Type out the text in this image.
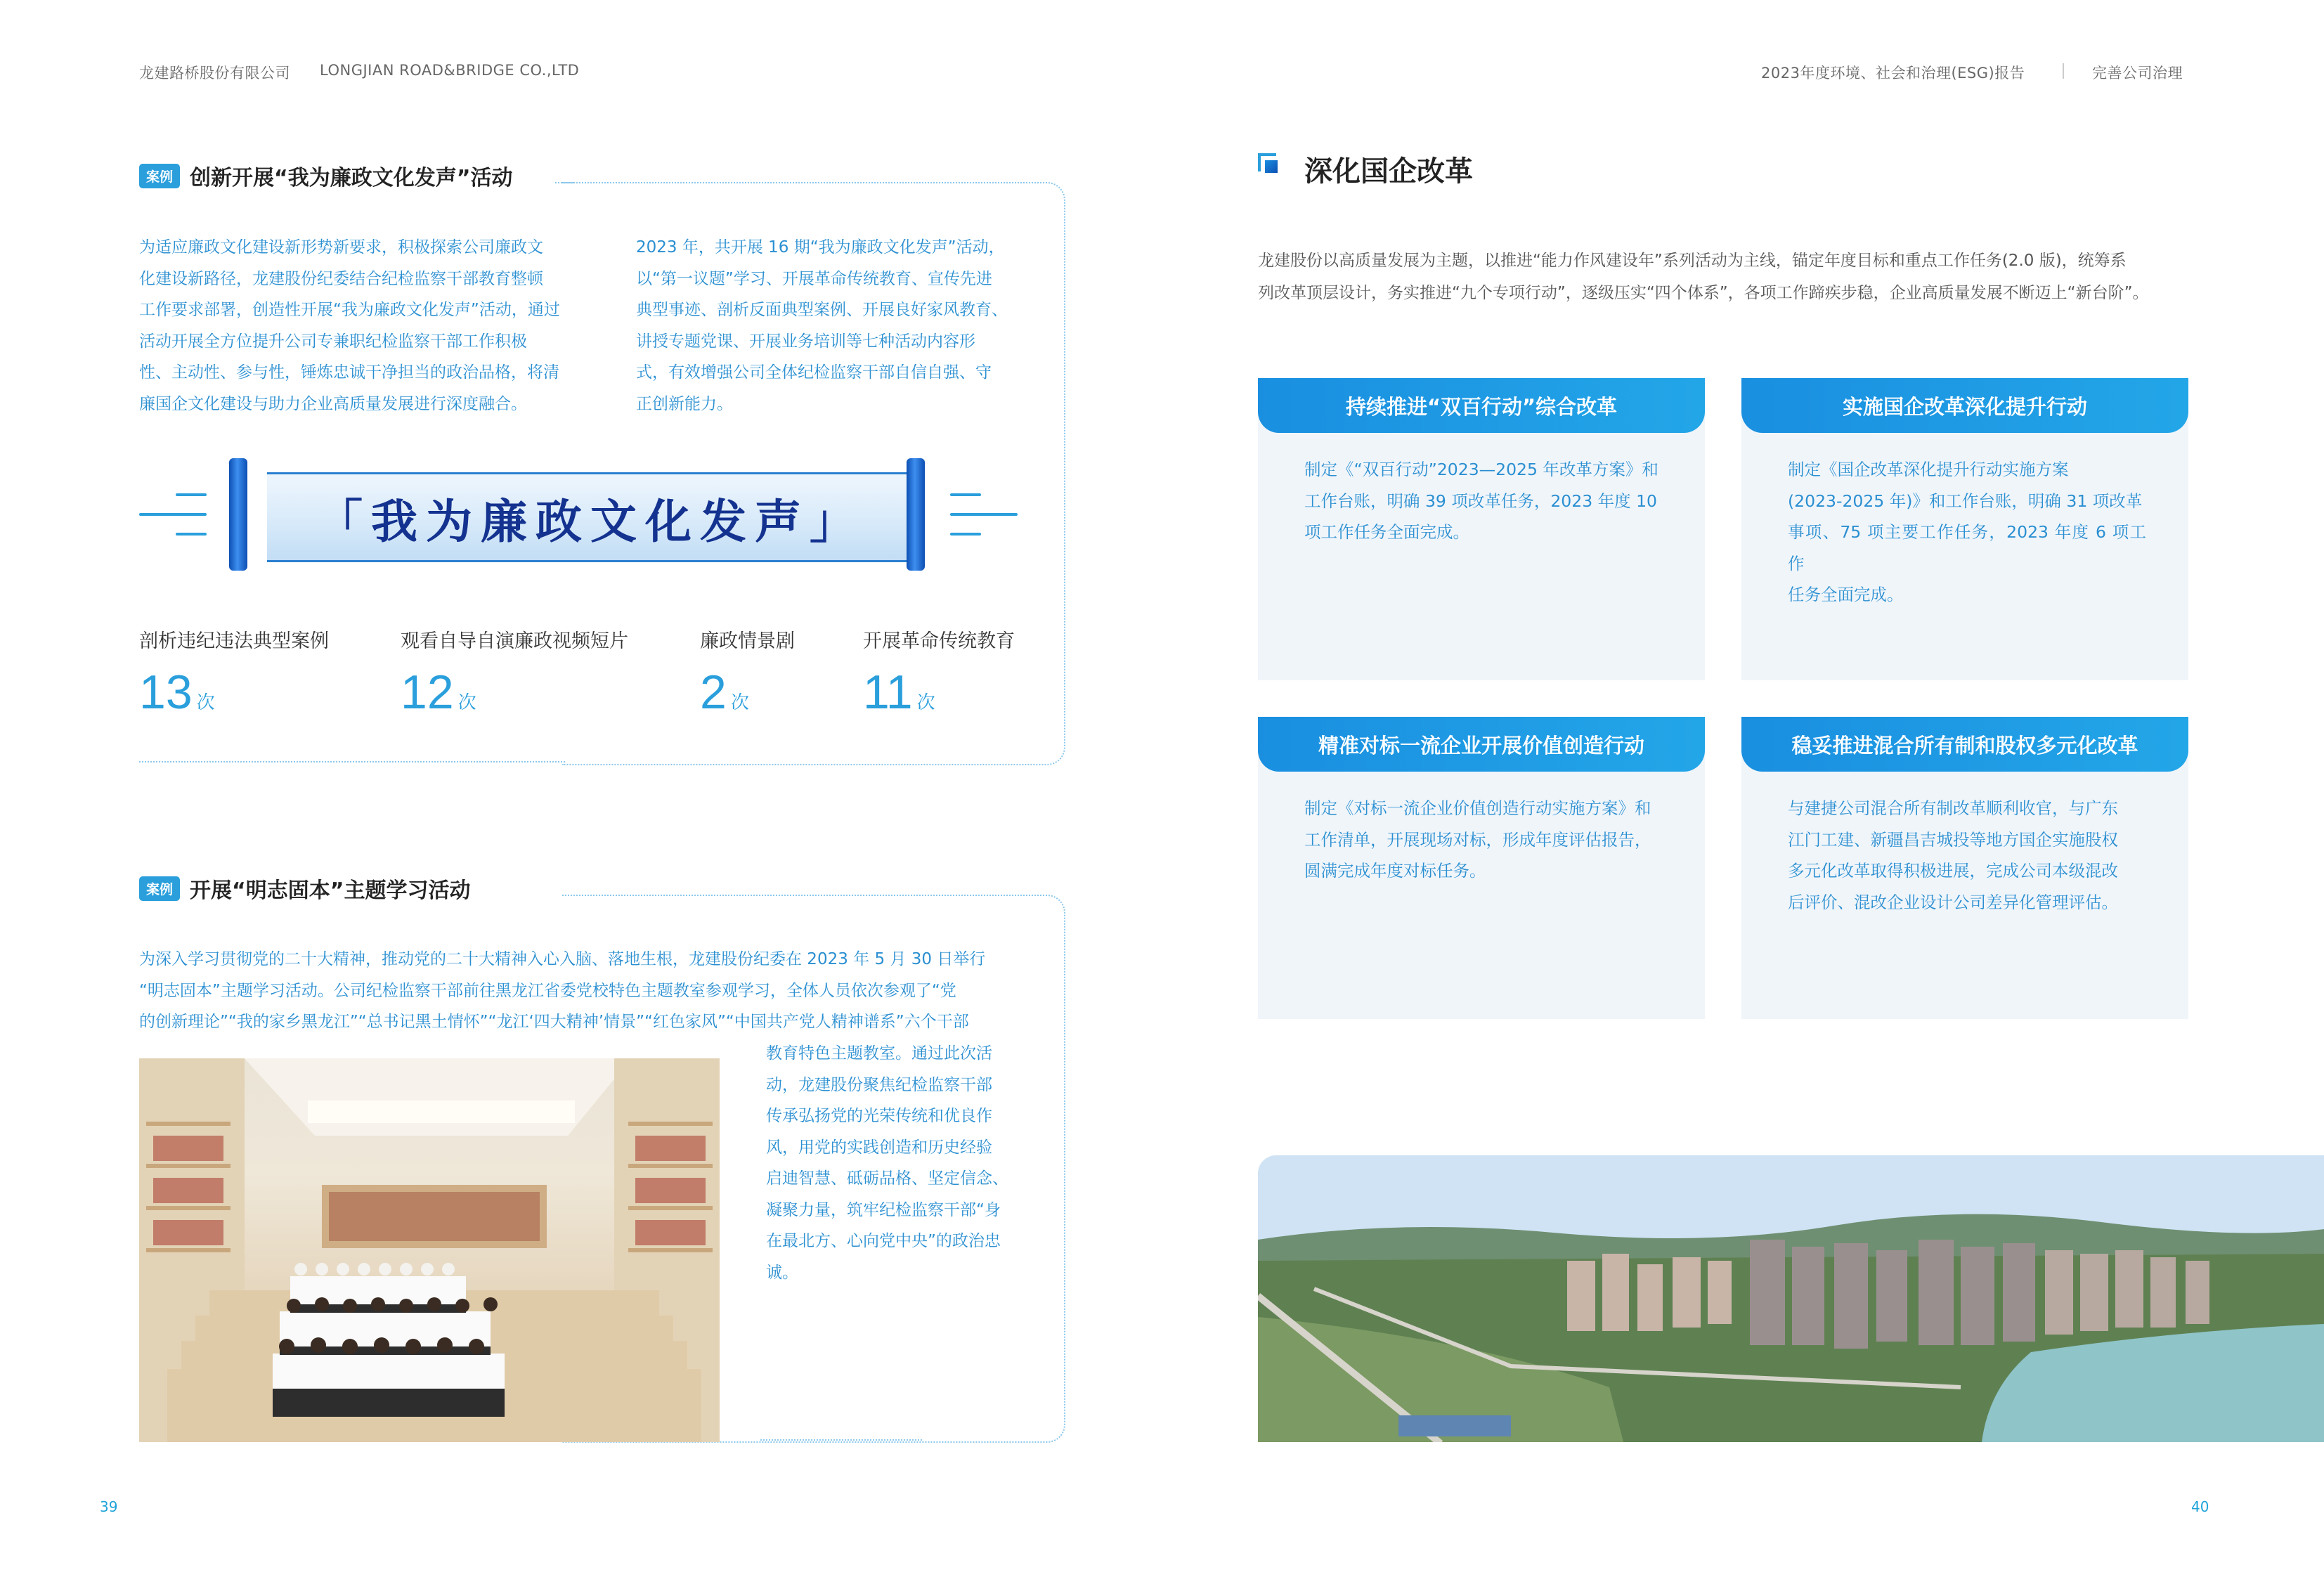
龙建路桥股份有限公司 LONGJIAN ROAD&BRIDGE CO.,LTD	2023年度环境、社会和治理(ESG)报告	完善公司治理
案例 创新开展“我为廉政文化发声”活动
为适应廉政文化建设新形势新要求，积极探索公司廉政文
化建设新路径，龙建股份纪委结合纪检监察干部教育整顿
工作要求部署，创造性开展“我为廉政文化发声”活动，通过
活动开展全方位提升公司专兼职纪检监察干部工作积极
性、主动性、参与性，锤炼忠诚干净担当的政治品格，将清
廉国企文化建设与助力企业高质量发展进行深度融合。
2023 年，共开展 16 期“我为廉政文化发声”活动，
以“第一议题”学习、开展革命传统教育、宣传先进
典型事迹、剖析反面典型案例、开展良好家风教育、
讲授专题党课、开展业务培训等七种活动内容形
式，有效增强公司全体纪检监察干部自信自强、守
正创新能力。
「我为廉政文化发声」
剖析违纪违法典型案例
13 次
观看自导自演廉政视频短片
12 次
廉政情景剧
2 次
开展革命传统教育
11 次
案例 开展“明志固本”主题学习活动
为深入学习贯彻党的二十大精神，推动党的二十大精神入心入脑、落地生根，龙建股份纪委在 2023 年 5 月 30 日举行
“明志固本”主题学习活动。公司纪检监察干部前往黑龙江省委党校特色主题教室参观学习，全体人员依次参观了“党
的创新理论”“我的家乡黑龙江”“总书记黑土情怀”“龙江‘四大精神’情景”“红色家风”“中国共产党人精神谱系”六个干部
教育特色主题教室。通过此次活
动，龙建股份聚焦纪检监察干部
传承弘扬党的光荣传统和优良作
风，用党的实践创造和历史经验
启迪智慧、砥砺品格、坚定信念、
凝聚力量，筑牢纪检监察干部“身
在最北方、心向党中央”的政治忠
诚。
深化国企改革
龙建股份以高质量发展为主题，以推进“能力作风建设年”系列活动为主线，锚定年度目标和重点工作任务(2.0 版)，统筹系
列改革顶层设计，务实推进“九个专项行动”，逐级压实“四个体系”，各项工作蹄疾步稳，企业高质量发展不断迈上“新台阶”。
持续推进“双百行动”综合改革
制定《“双百行动”2023—2025 年改革方案》和
工作台账，明确 39 项改革任务，2023 年度 10
项工作任务全面完成。
实施国企改革深化提升行动
制定《国企改革深化提升行动实施方案
(2023-2025 年)》和工作台账，明确 31 项改革
事项、75 项主要工作任务，2023 年度 6 项工作
任务全面完成。
精准对标一流企业开展价值创造行动
制定《对标一流企业价值创造行动实施方案》和
工作清单，开展现场对标，形成年度评估报告，
圆满完成年度对标任务。
稳妥推进混合所有制和股权多元化改革
与建捷公司混合所有制改革顺利收官，与广东
江门工建、新疆昌吉城投等地方国企实施股权
多元化改革取得积极进展，完成公司本级混改
后评价、混改企业设计公司差异化管理评估。
39	40
